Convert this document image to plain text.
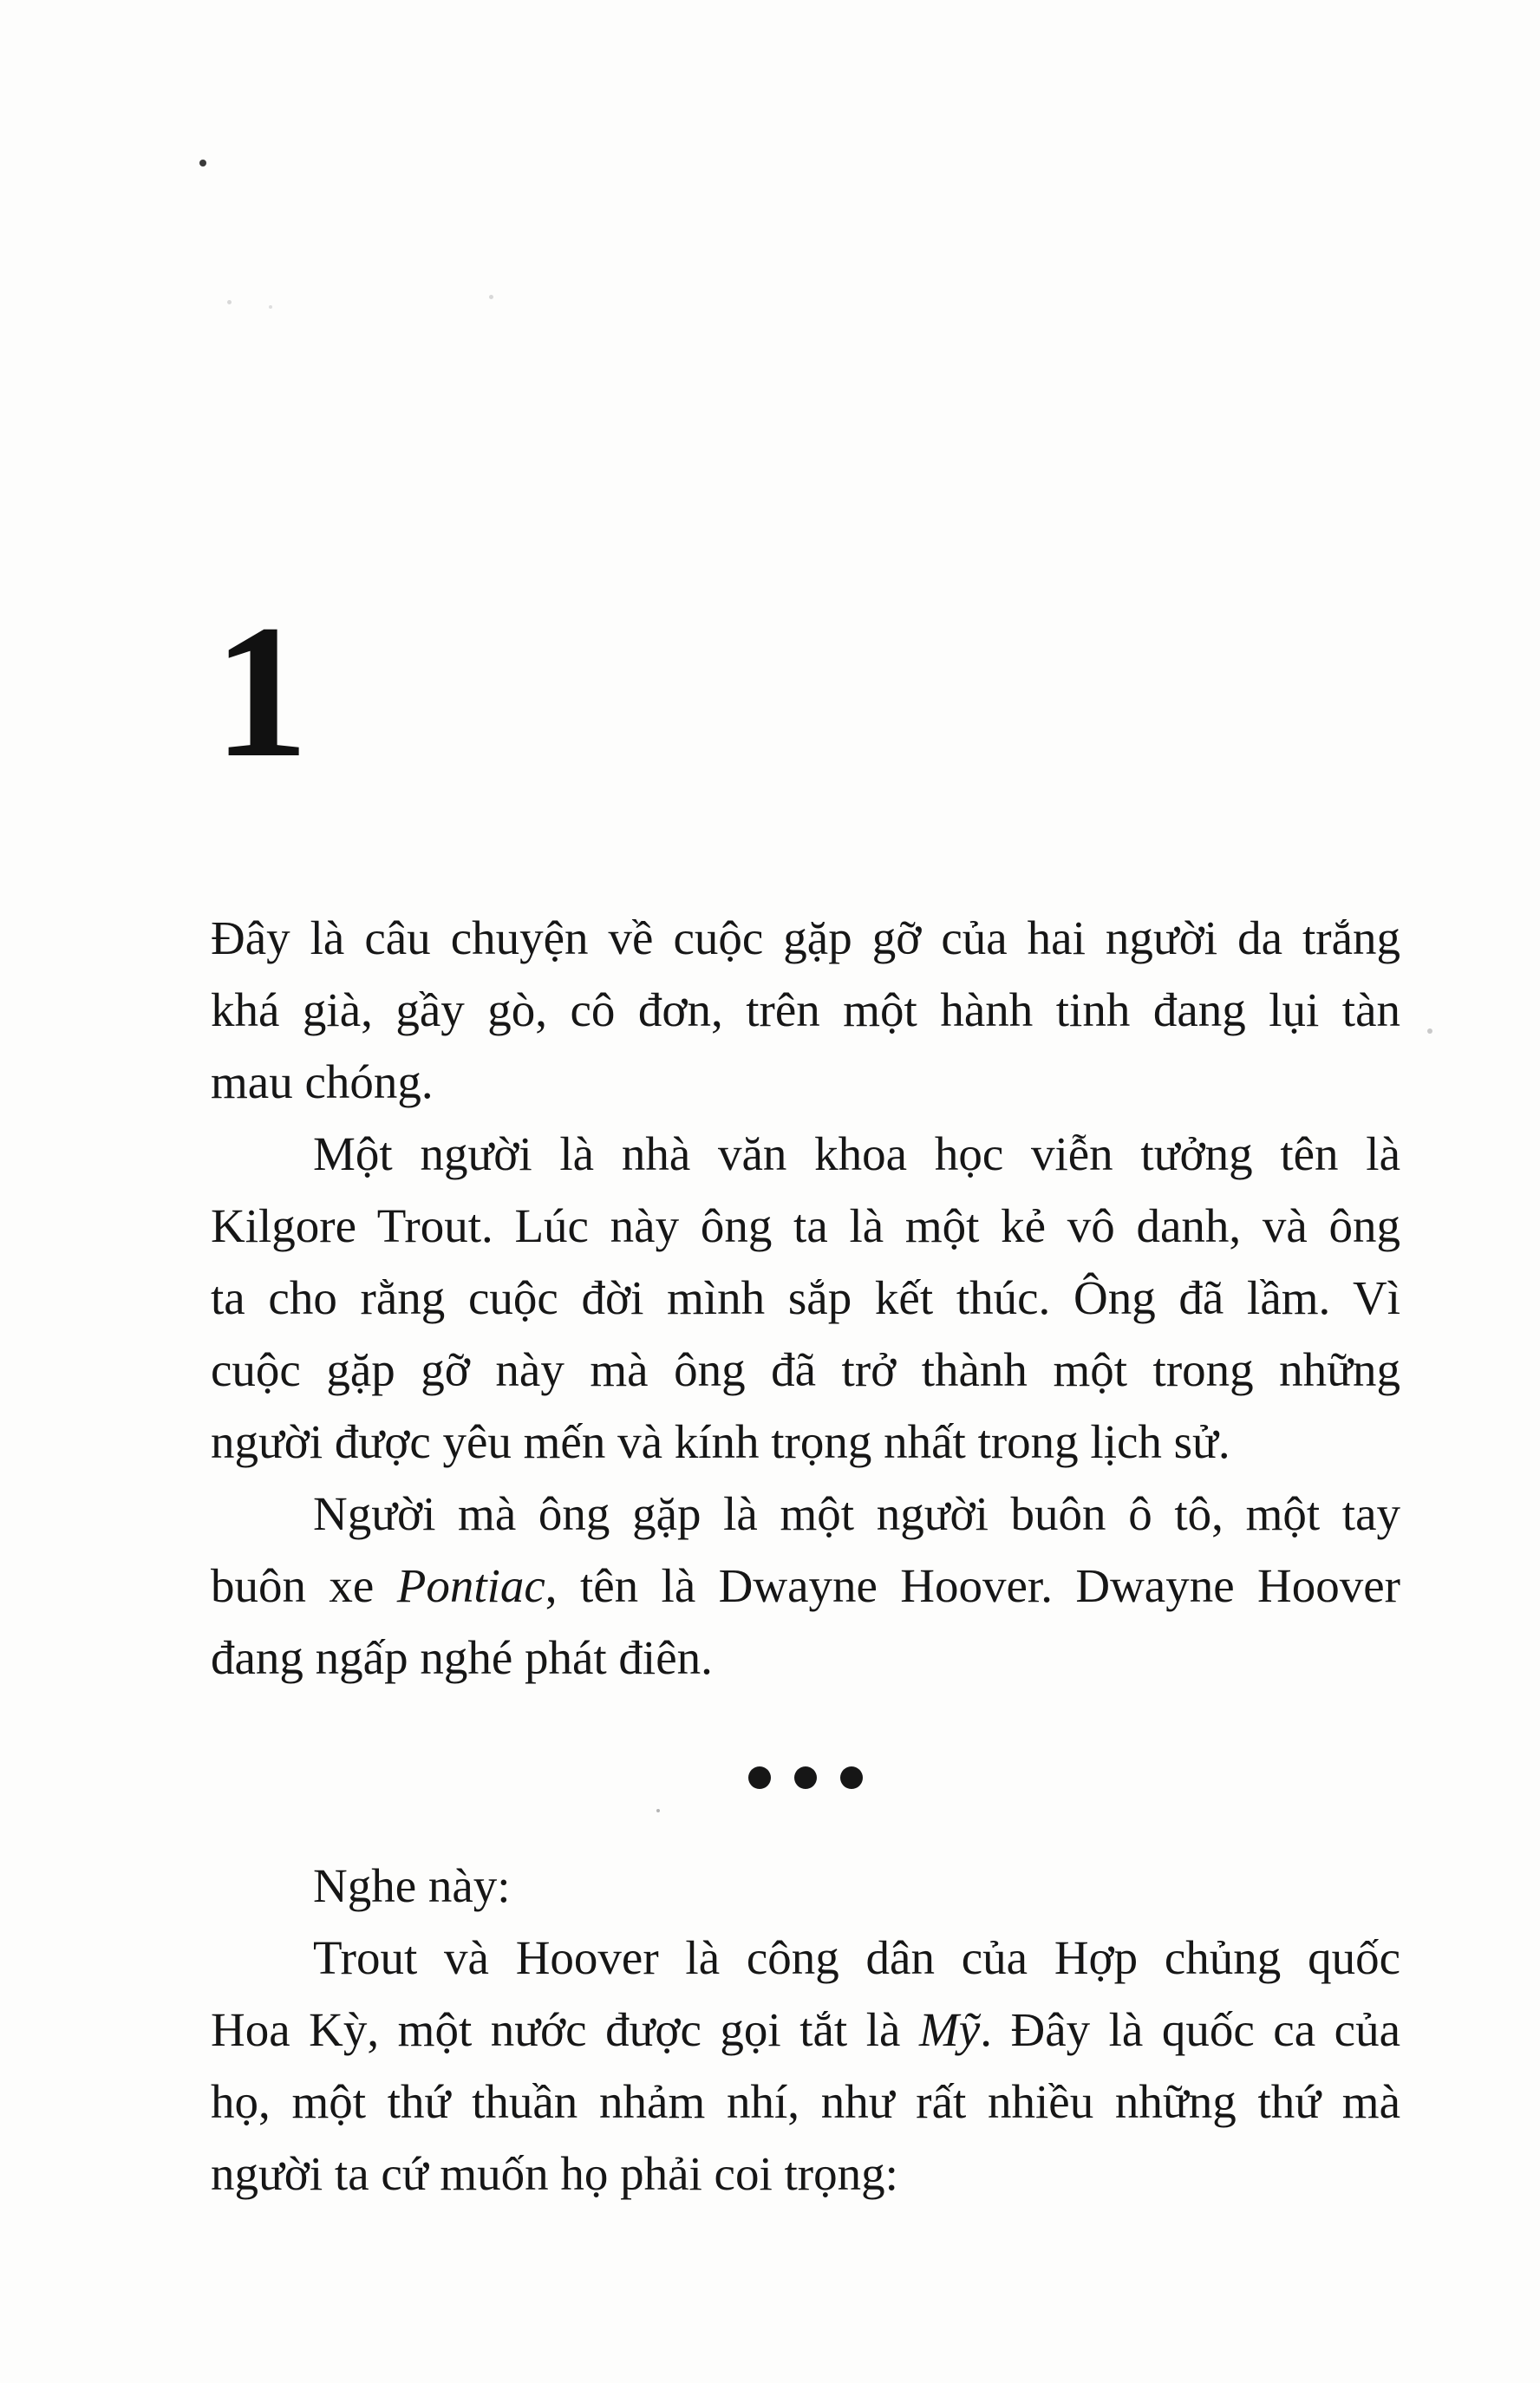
1
Đây là câu chuyện về cuộc gặp gỡ của hai người da trắng
khá già, gầy gò, cô đơn, trên một hành tinh đang lụi tàn
mau chóng.
Một người là nhà văn khoa học viễn tưởng tên là
Kilgore Trout. Lúc này ông ta là một kẻ vô danh, và ông
ta cho rằng cuộc đời mình sắp kết thúc. Ông đã lầm. Vì
cuộc gặp gỡ này mà ông đã trở thành một trong những
người được yêu mến và kính trọng nhất trong lịch sử.
Người mà ông gặp là một người buôn ô tô, một tay
buôn xe Pontiac, tên là Dwayne Hoover. Dwayne Hoover
đang ngấp nghé phát điên.
Nghe này:
Trout và Hoover là công dân của Hợp chủng quốc
Hoa Kỳ, một nước được gọi tắt là Mỹ. Đây là quốc ca của
họ, một thứ thuần nhảm nhí, như rất nhiều những thứ mà
người ta cứ muốn họ phải coi trọng:
